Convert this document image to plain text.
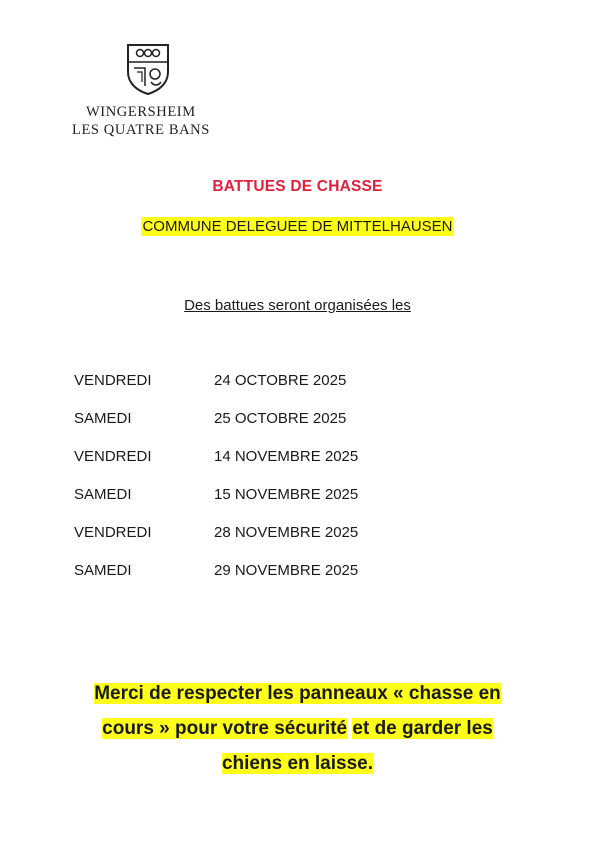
WINGERSHEIM
LES QUATRE BANS
BATTUES DE CHASSE
COMMUNE DELEGUEE DE MITTELHAUSEN
Des battues seront organisées les
VENDREDI	24 OCTOBRE 2025
SAMEDI	25 OCTOBRE 2025
VENDREDI	14 NOVEMBRE 2025
SAMEDI	15 NOVEMBRE 2025
VENDREDI	28 NOVEMBRE 2025
SAMEDI	29 NOVEMBRE 2025
Merci de respecter les panneaux « chasse en cours » pour votre sécurité et de garder les chiens en laisse.
